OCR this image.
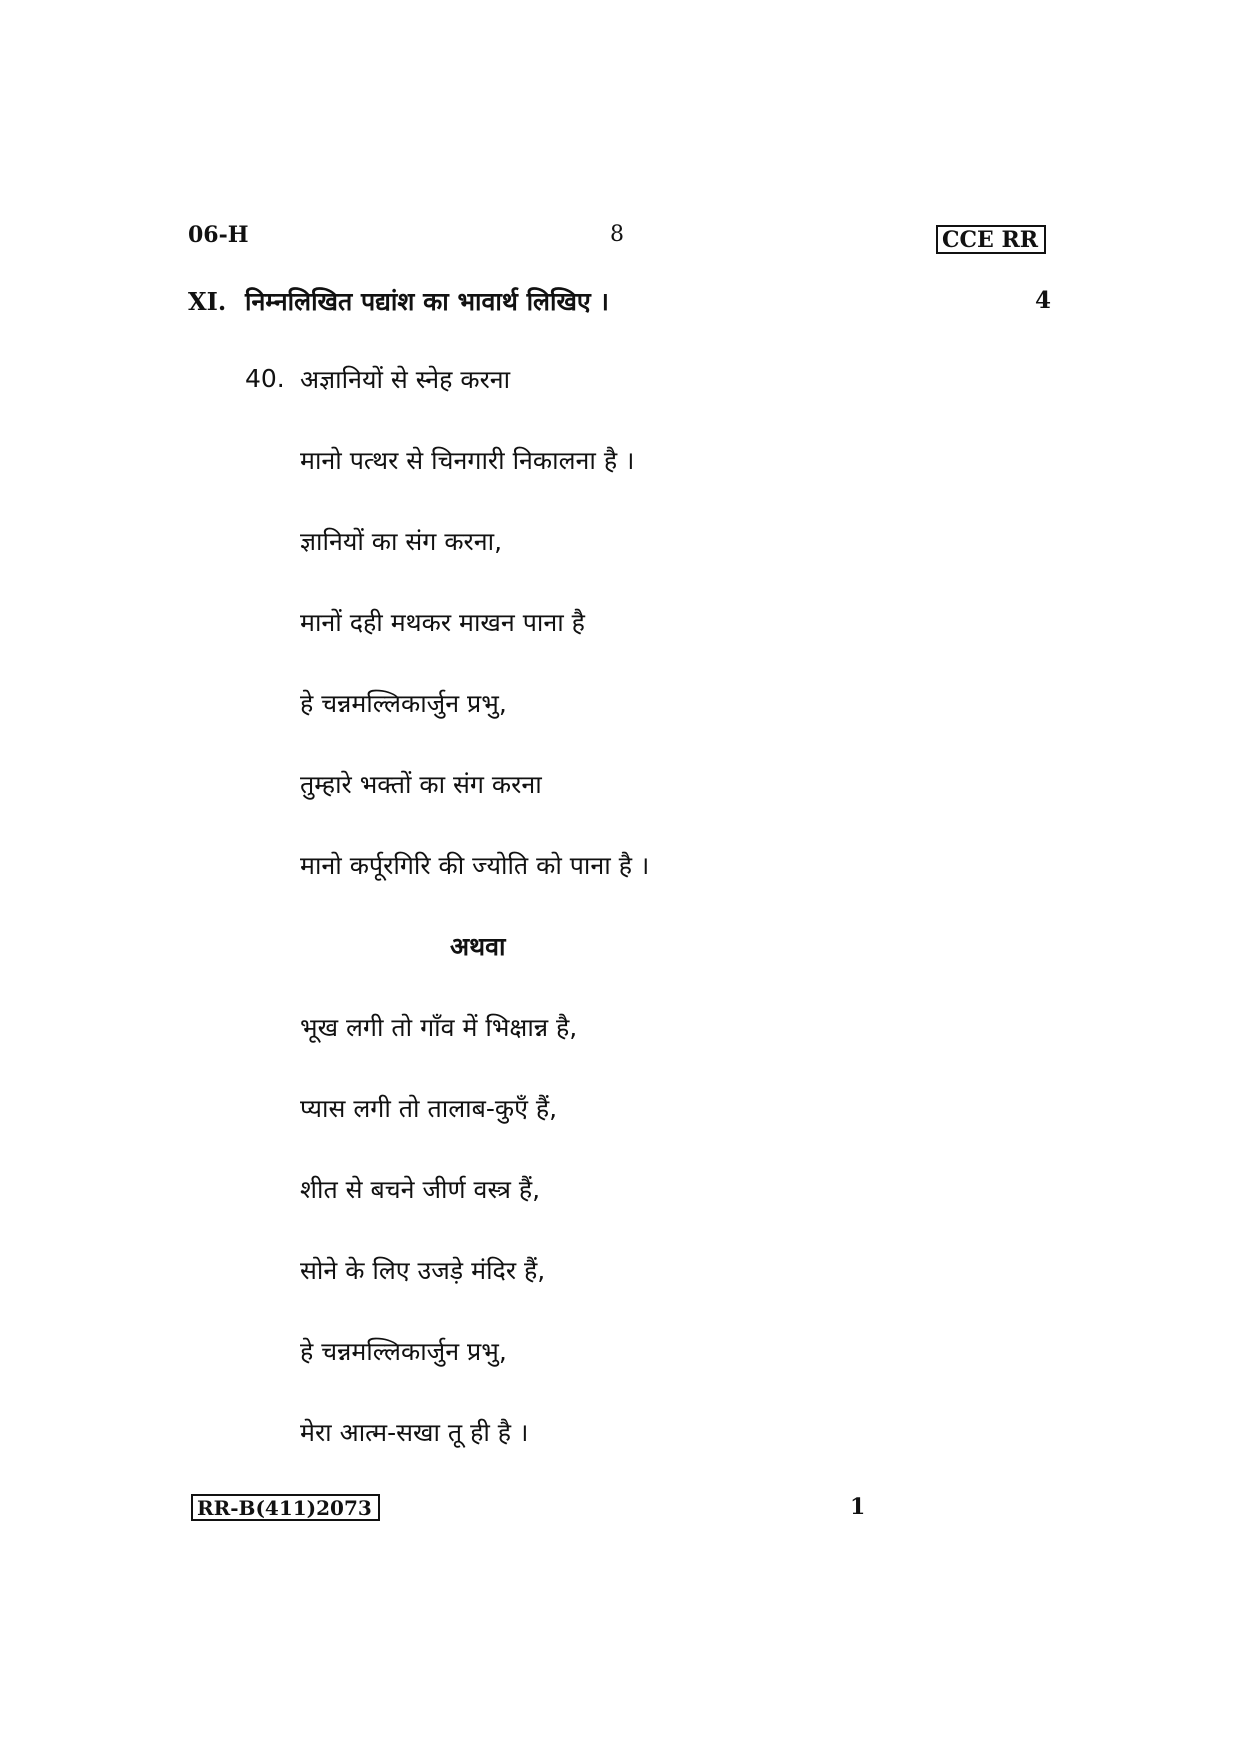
06-H	8	CCE RR
XI. निम्नलिखित पद्यांश का भावार्थ लिखिए ।	4
40. अज्ञानियों से स्नेह करना
मानो पत्थर से चिनगारी निकालना है ।
ज्ञानियों का संग करना,
मानों दही मथकर माखन पाना है
हे चन्नमल्लिकार्जुन प्रभु,
तुम्हारे भक्तों का संग करना
मानो कर्पूरगिरि की ज्योति को पाना है ।
अथवा
भूख लगी तो गाँव में भिक्षान्न है,
प्यास लगी तो तालाब-कुएँ हैं,
शीत से बचने जीर्ण वस्त्र हैं,
सोने के लिए उजड़े मंदिर हैं,
हे चन्नमल्लिकार्जुन प्रभु,
मेरा आत्म-सखा तू ही है ।
RR-B(411)2073	1
